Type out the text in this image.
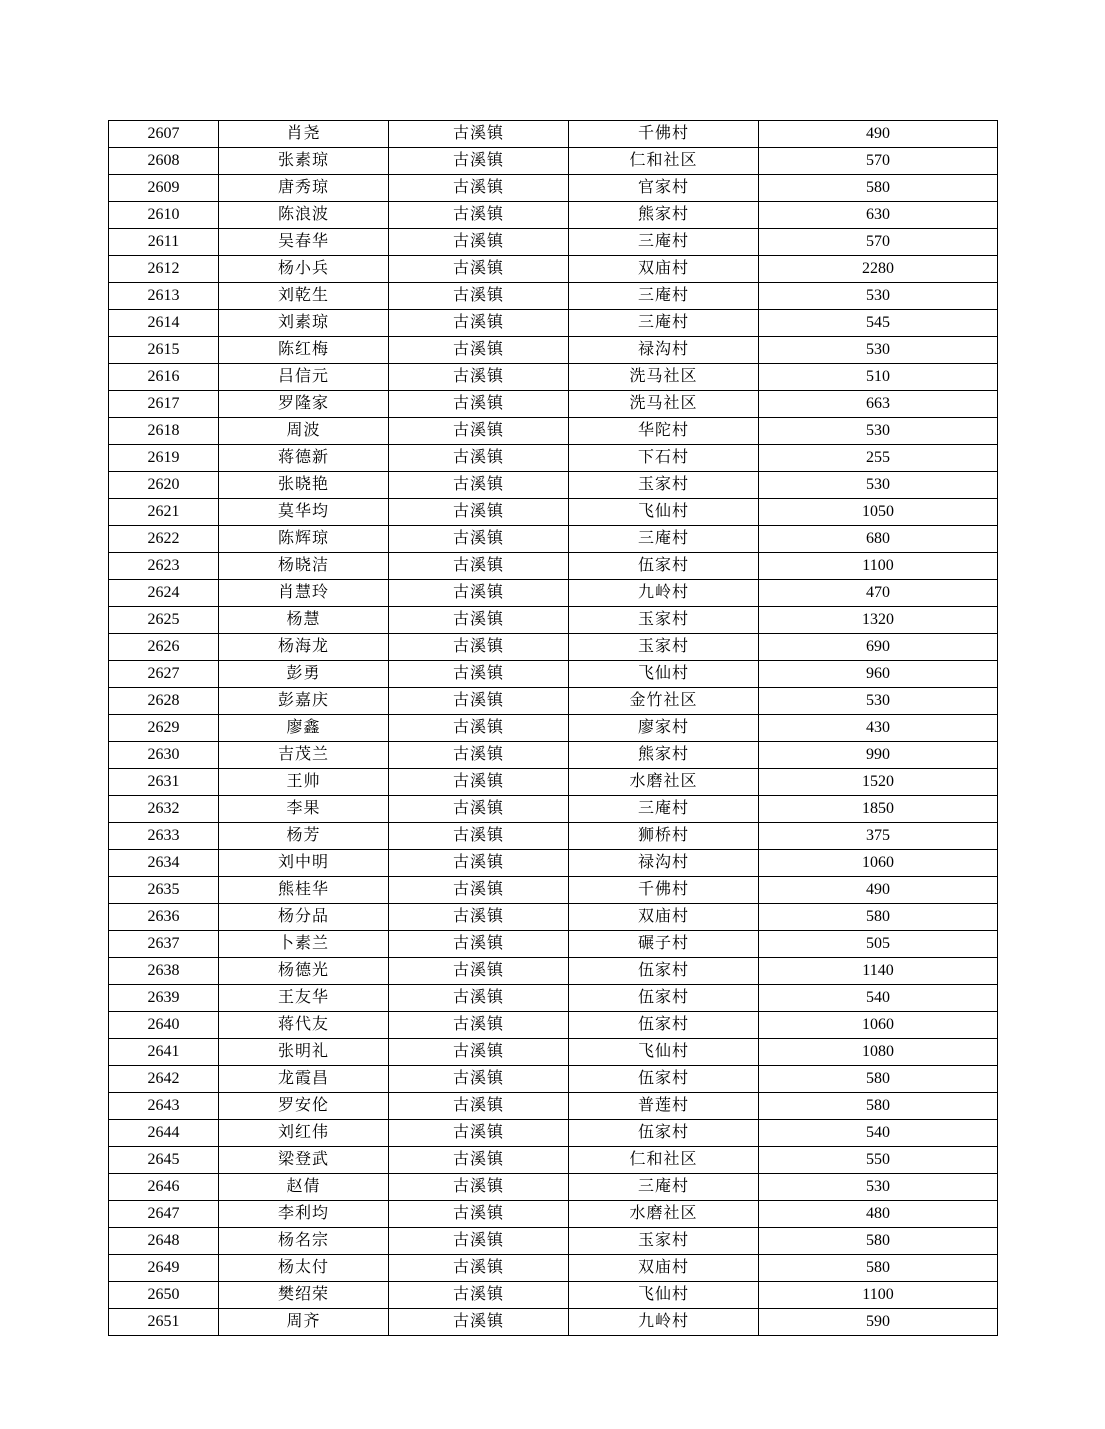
2607	肖尧	古溪镇	千佛村	490
2608	张素琼	古溪镇	仁和社区	570
2609	唐秀琼	古溪镇	官家村	580
2610	陈浪波	古溪镇	熊家村	630
2611	吴春华	古溪镇	三庵村	570
2612	杨小兵	古溪镇	双庙村	2280
2613	刘乾生	古溪镇	三庵村	530
2614	刘素琼	古溪镇	三庵村	545
2615	陈红梅	古溪镇	禄沟村	530
2616	吕信元	古溪镇	洗马社区	510
2617	罗隆家	古溪镇	洗马社区	663
2618	周波	古溪镇	华陀村	530
2619	蒋德新	古溪镇	下石村	255
2620	张晓艳	古溪镇	玉家村	530
2621	莫华均	古溪镇	飞仙村	1050
2622	陈辉琼	古溪镇	三庵村	680
2623	杨晓洁	古溪镇	伍家村	1100
2624	肖慧玲	古溪镇	九岭村	470
2625	杨慧	古溪镇	玉家村	1320
2626	杨海龙	古溪镇	玉家村	690
2627	彭勇	古溪镇	飞仙村	960
2628	彭嘉庆	古溪镇	金竹社区	530
2629	廖鑫	古溪镇	廖家村	430
2630	吉茂兰	古溪镇	熊家村	990
2631	王帅	古溪镇	水磨社区	1520
2632	李果	古溪镇	三庵村	1850
2633	杨芳	古溪镇	狮桥村	375
2634	刘中明	古溪镇	禄沟村	1060
2635	熊桂华	古溪镇	千佛村	490
2636	杨分品	古溪镇	双庙村	580
2637	卜素兰	古溪镇	碾子村	505
2638	杨德光	古溪镇	伍家村	1140
2639	王友华	古溪镇	伍家村	540
2640	蒋代友	古溪镇	伍家村	1060
2641	张明礼	古溪镇	飞仙村	1080
2642	龙霞昌	古溪镇	伍家村	580
2643	罗安伦	古溪镇	普莲村	580
2644	刘红伟	古溪镇	伍家村	540
2645	梁登武	古溪镇	仁和社区	550
2646	赵倩	古溪镇	三庵村	530
2647	李利均	古溪镇	水磨社区	480
2648	杨名宗	古溪镇	玉家村	580
2649	杨太付	古溪镇	双庙村	580
2650	樊绍荣	古溪镇	飞仙村	1100
2651	周齐	古溪镇	九岭村	590
